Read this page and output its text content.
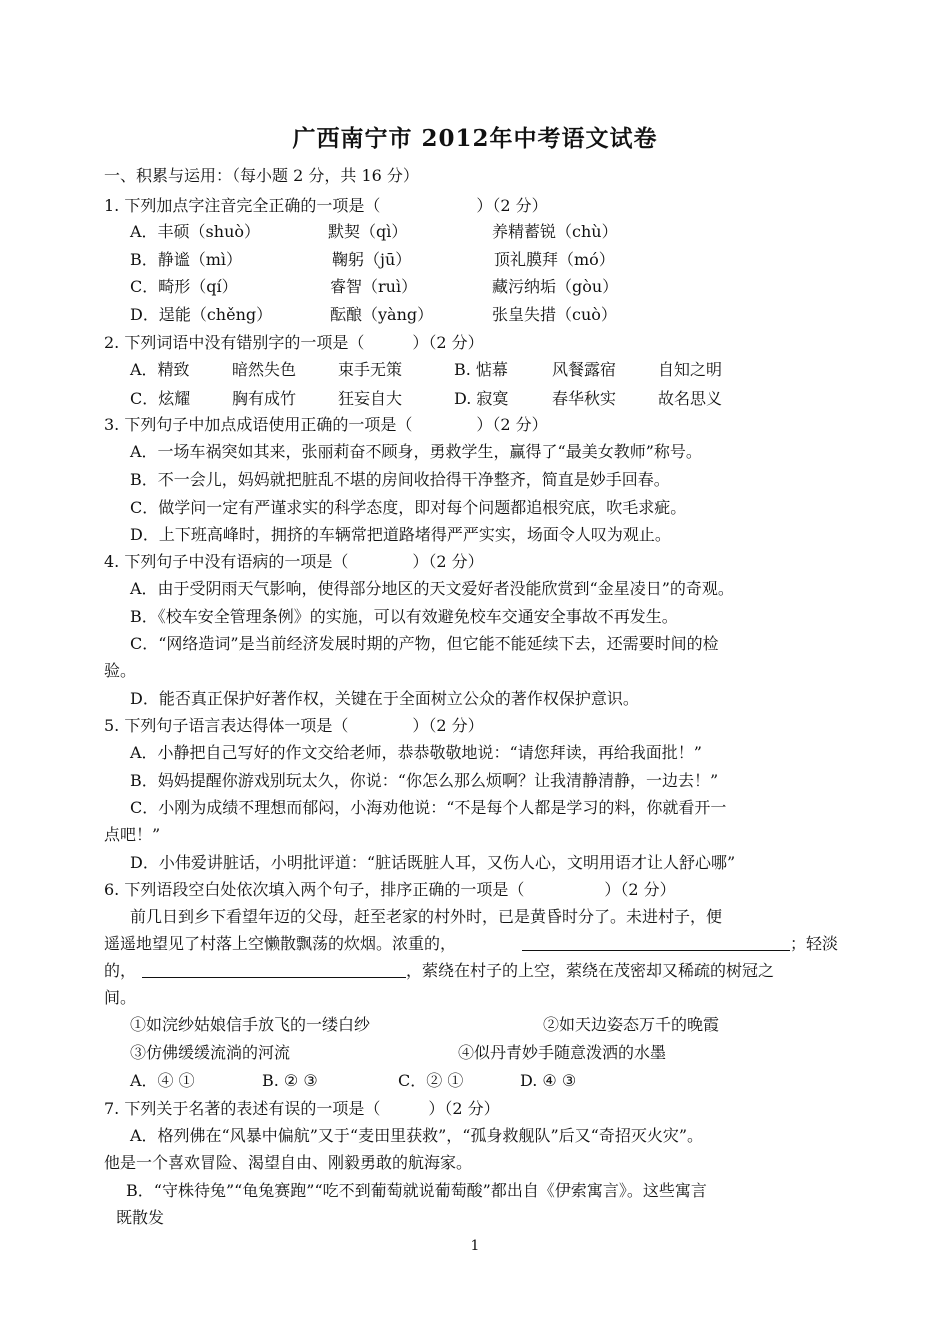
广西南宁市 2012年中考语文试卷
一、积累与运用：（每小题 2 分，共 16 分）
1. 下列加点字注音完全正确的一项是（　　　　　　）（2 分）
A．丰硕（shuò）	默契（qì）	养精蓄锐（chù）
B．静谧（mì）	鞠躬（jū）	顶礼膜拜（mó）
C．畸形（qí）	睿智（ruì）	藏污纳垢（gòu）
D．逞能（chěng）	酝酿（yàng）	张皇失措（cuò）
2. 下列词语中没有错别字的一项是（　　　）（2 分）
A．精致	暗然失色	束手无策	B. 惦幕	风餐露宿	自知之明
C．炫耀	胸有成竹	狂妄自大	D. 寂寞	春华秋实	故名思义
3. 下列句子中加点成语使用正确的一项是（　　　　）（2 分）
A．一场车祸突如其来，张丽莉奋不顾身，勇救学生，赢得了“最美女教师”称号。
B．不一会儿，妈妈就把脏乱不堪的房间收拾得干净整齐，简直是妙手回春。
C．做学问一定有严谨求实的科学态度，即对每个问题都追根究底，吹毛求疵。
D．上下班高峰时，拥挤的车辆常把道路堵得严严实实，场面令人叹为观止。
4. 下列句子中没有语病的一项是（　　　　）（2 分）
A．由于受阴雨天气影响，使得部分地区的天文爱好者没能欣赏到“金星凌日”的奇观。
B．《校车安全管理条例》的实施，可以有效避免校车交通安全事故不再发生。
C．“网络造词”是当前经济发展时期的产物，但它能不能延续下去，还需要时间的检
验。
D．能否真正保护好著作权，关键在于全面树立公众的著作权保护意识。
5. 下列句子语言表达得体一项是（　　　　）（2 分）
A．小静把自己写好的作文交给老师，恭恭敬敬地说：“请您拜读，再给我面批！”
B．妈妈提醒你游戏别玩太久，你说：“你怎么那么烦啊？让我清静清静，一边去！”
C．小刚为成绩不理想而郁闷，小海劝他说：“不是每个人都是学习的料，你就看开一
点吧！”
D．小伟爱讲脏话，小明批评道：“脏话既脏人耳，又伤人心，文明用语才让人舒心哪”
6. 下列语段空白处依次填入两个句子，排序正确的一项是（　　　　　）（2 分）
前几日到乡下看望年迈的父母，赶至老家的村外时，已是黄昏时分了。未进村子，便
遥遥地望见了村落上空懒散飘荡的炊烟。浓重的，	；轻淡
的，	，萦绕在村子的上空，萦绕在茂密却又稀疏的树冠之
间。
①如浣纱姑娘信手放飞的一缕白纱	②如天边姿态万千的晚霞
③仿佛缓缓流淌的河流	④似丹青妙手随意泼洒的水墨
A．④ ①	B. ② ③	C．② ①	D. ④ ③
7. 下列关于名著的表述有误的一项是（　　　）（2 分）
A．格列佛在“风暴中偏航”又于“麦田里获救”，“孤身救舰队”后又“奇招灭火灾”。
他是一个喜欢冒险、渴望自由、刚毅勇敢的航海家。
B．“守株待兔”“龟兔赛跑”“吃不到葡萄就说葡萄酸”都出自《伊索寓言》。这些寓言
既散发
1
